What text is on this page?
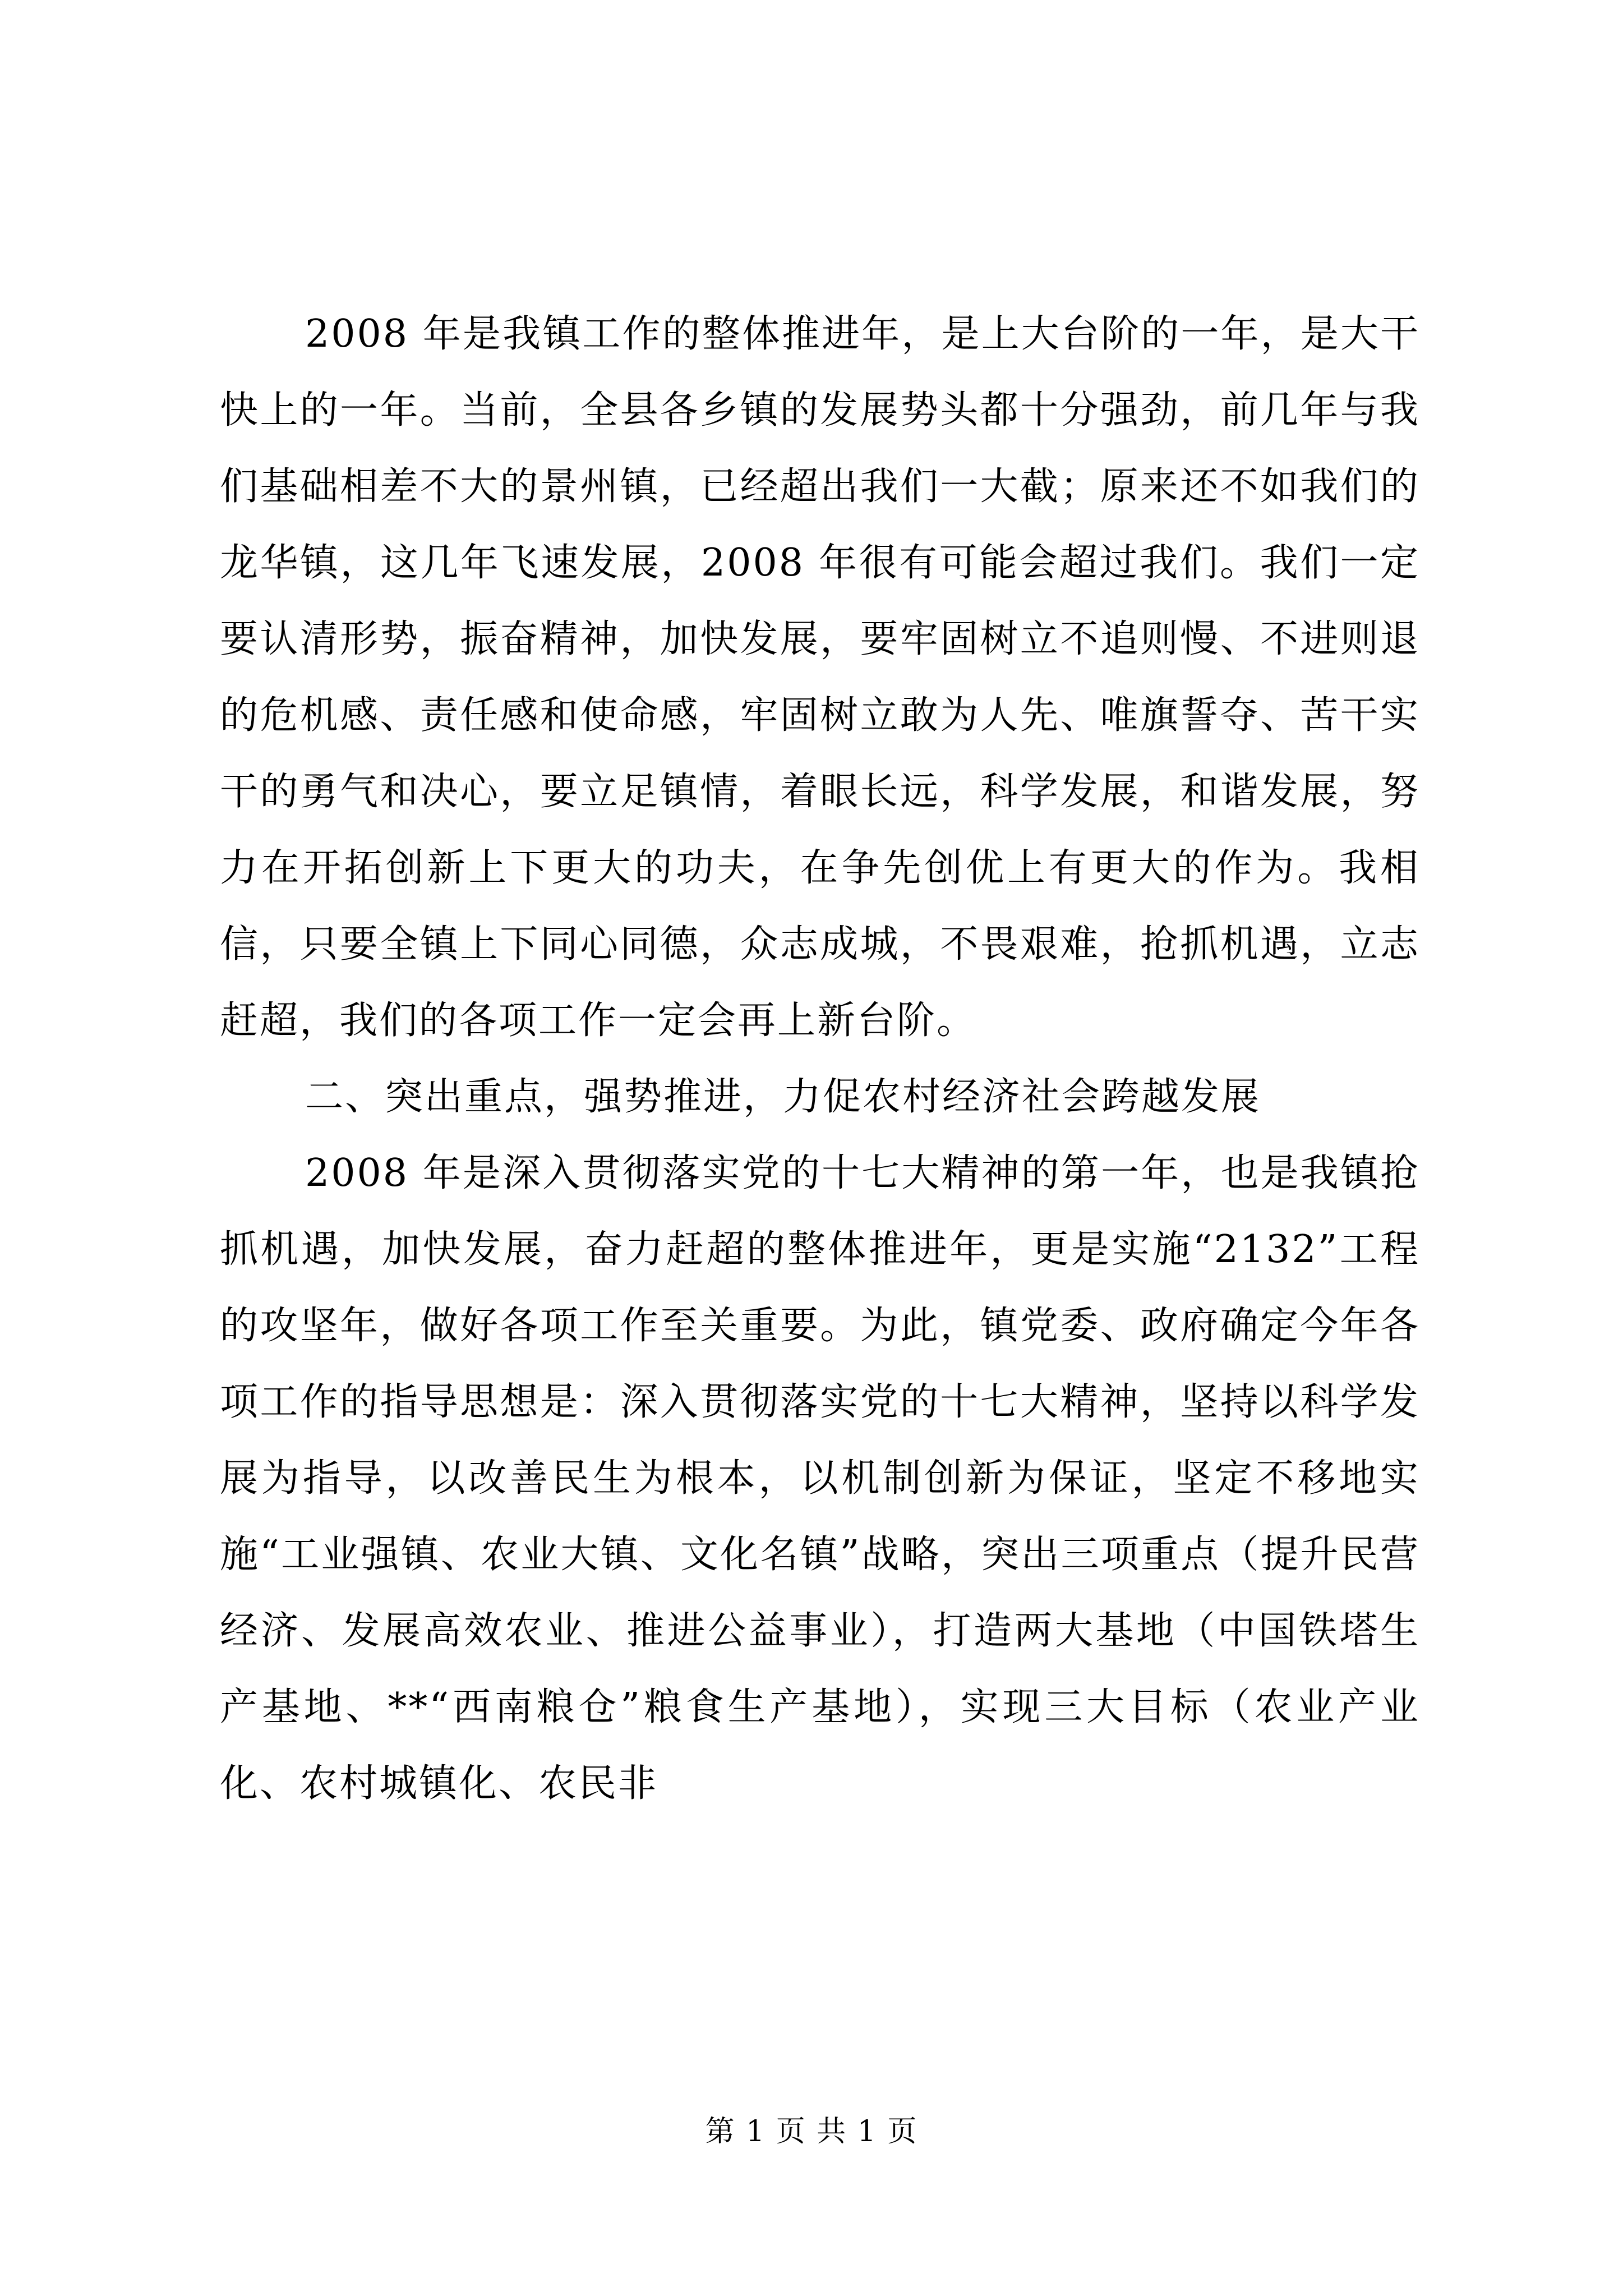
2008 年是我镇工作的整体推进年，是上大台阶的一年，是大干快上的一年。当前，全县各乡镇的发展势头都十分强劲，前几年与我们基础相差不大的景州镇，已经超出我们一大截；原来还不如我们的龙华镇，这几年飞速发展，2008 年很有可能会超过我们。我们一定要认清形势，振奋精神，加快发展，要牢固树立不追则慢、不进则退的危机感、责任感和使命感，牢固树立敢为人先、唯旗誓夺、苦干实干的勇气和决心，要立足镇情，着眼长远，科学发展，和谐发展，努力在开拓创新上下更大的功夫，在争先创优上有更大的作为。我相信，只要全镇上下同心同德，众志成城，不畏艰难，抢抓机遇，立志赶超，我们的各项工作一定会再上新台阶。

二、突出重点，强势推进，力促农村经济社会跨越发展

2008 年是深入贯彻落实党的十七大精神的第一年，也是我镇抢抓机遇，加快发展，奋力赶超的整体推进年，更是实施“2132”工程的攻坚年，做好各项工作至关重要。为此，镇党委、政府确定今年各项工作的指导思想是：深入贯彻落实党的十七大精神，坚持以科学发展为指导，以改善民生为根本，以机制创新为保证，坚定不移地实施“工业强镇、农业大镇、文化名镇”战略，突出三项重点（提升民营经济、发展高效农业、推进公益事业），打造两大基地（中国铁塔生产基地、**“西南粮仓”粮食生产基地），实现三大目标（农业产业化、农村城镇化、农民非

第 1 页 共 1 页
